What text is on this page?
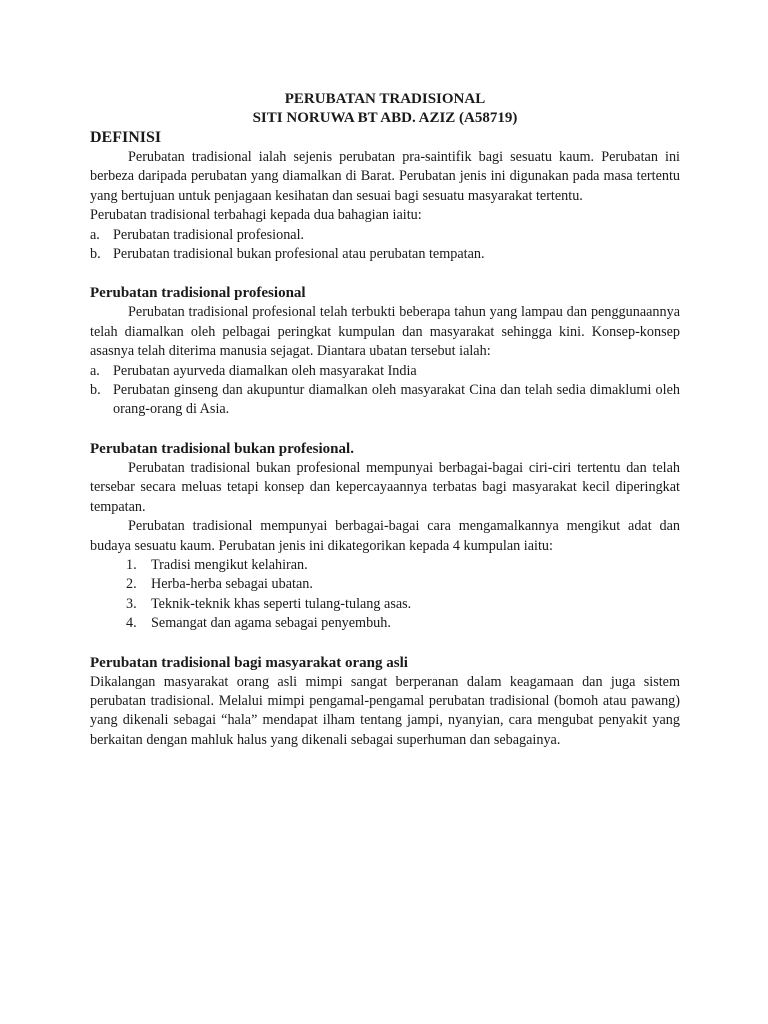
PERUBATAN TRADISIONAL
SITI NORUWA BT ABD. AZIZ (A58719)
DEFINISI

Perubatan tradisional ialah sejenis perubatan pra-saintifik bagi sesuatu kaum. Perubatan ini berbeza daripada perubatan yang diamalkan di Barat. Perubatan jenis ini digunakan pada masa tertentu yang bertujuan untuk penjagaan kesihatan dan sesuai bagi sesuatu masyarakat tertentu.

Perubatan tradisional terbahagi kepada dua bahagian iaitu:

a. Perubatan tradisional profesional.
b. Perubatan tradisional bukan profesional atau perubatan tempatan.
Perubatan tradisional profesional

Perubatan tradisional profesional telah terbukti beberapa tahun yang lampau dan penggunaannya telah diamalkan oleh pelbagai peringkat kumpulan dan masyarakat sehingga kini. Konsep-konsep asasnya telah diterima manusia sejagat. Diantara ubatan tersebut ialah:

a. Perubatan ayurveda diamalkan oleh masyarakat India
b. Perubatan ginseng dan akupuntur diamalkan oleh masyarakat Cina dan telah sedia dimaklumi oleh orang-orang di Asia.
Perubatan tradisional bukan profesional.

Perubatan tradisional bukan profesional mempunyai berbagai-bagai ciri-ciri tertentu dan telah tersebar secara meluas tetapi konsep dan kepercayaannya terbatas bagi masyarakat kecil diperingkat tempatan.

Perubatan tradisional mempunyai berbagai-bagai cara mengamalkannya mengikut adat dan budaya sesuatu kaum. Perubatan jenis ini dikategorikan kepada 4 kumpulan iaitu:

1. Tradisi mengikut kelahiran.
2. Herba-herba sebagai ubatan.
3. Teknik-teknik khas seperti tulang-tulang asas.
4. Semangat dan agama sebagai penyembuh.
Perubatan tradisional bagi masyarakat orang asli

Dikalangan masyarakat orang asli mimpi sangat berperanan dalam keagamaan dan juga sistem perubatan tradisional. Melalui mimpi pengamal-pengamal perubatan tradisional (bomoh atau pawang) yang dikenali sebagai “hala” mendapat ilham tentang jampi, nyanyian, cara mengubat penyakit yang berkaitan dengan mahluk halus yang dikenali sebagai superhuman dan sebagainya.
